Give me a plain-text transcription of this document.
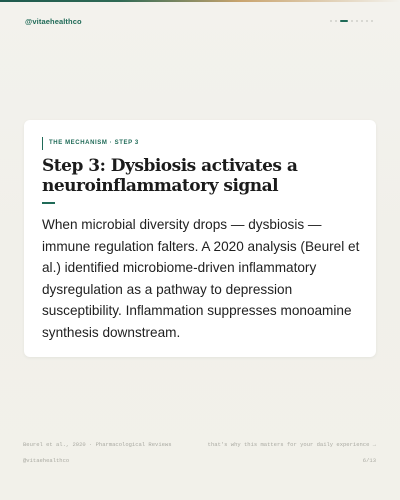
@vitaehealthco
THE MECHANISM · STEP 3
Step 3: Dysbiosis activates a neuroinflammatory signal

When microbial diversity drops — dysbiosis — immune regulation falters. A 2020 analysis (Beurel et al.) identified microbiome-driven inflammatory dysregulation as a pathway to depression susceptibility. Inflammation suppresses monoamine synthesis downstream.

Beurel et al., 2020 · Pharmacological Reviews	that's why this matters for your daily experience →
@vitaehealthco	6/13
